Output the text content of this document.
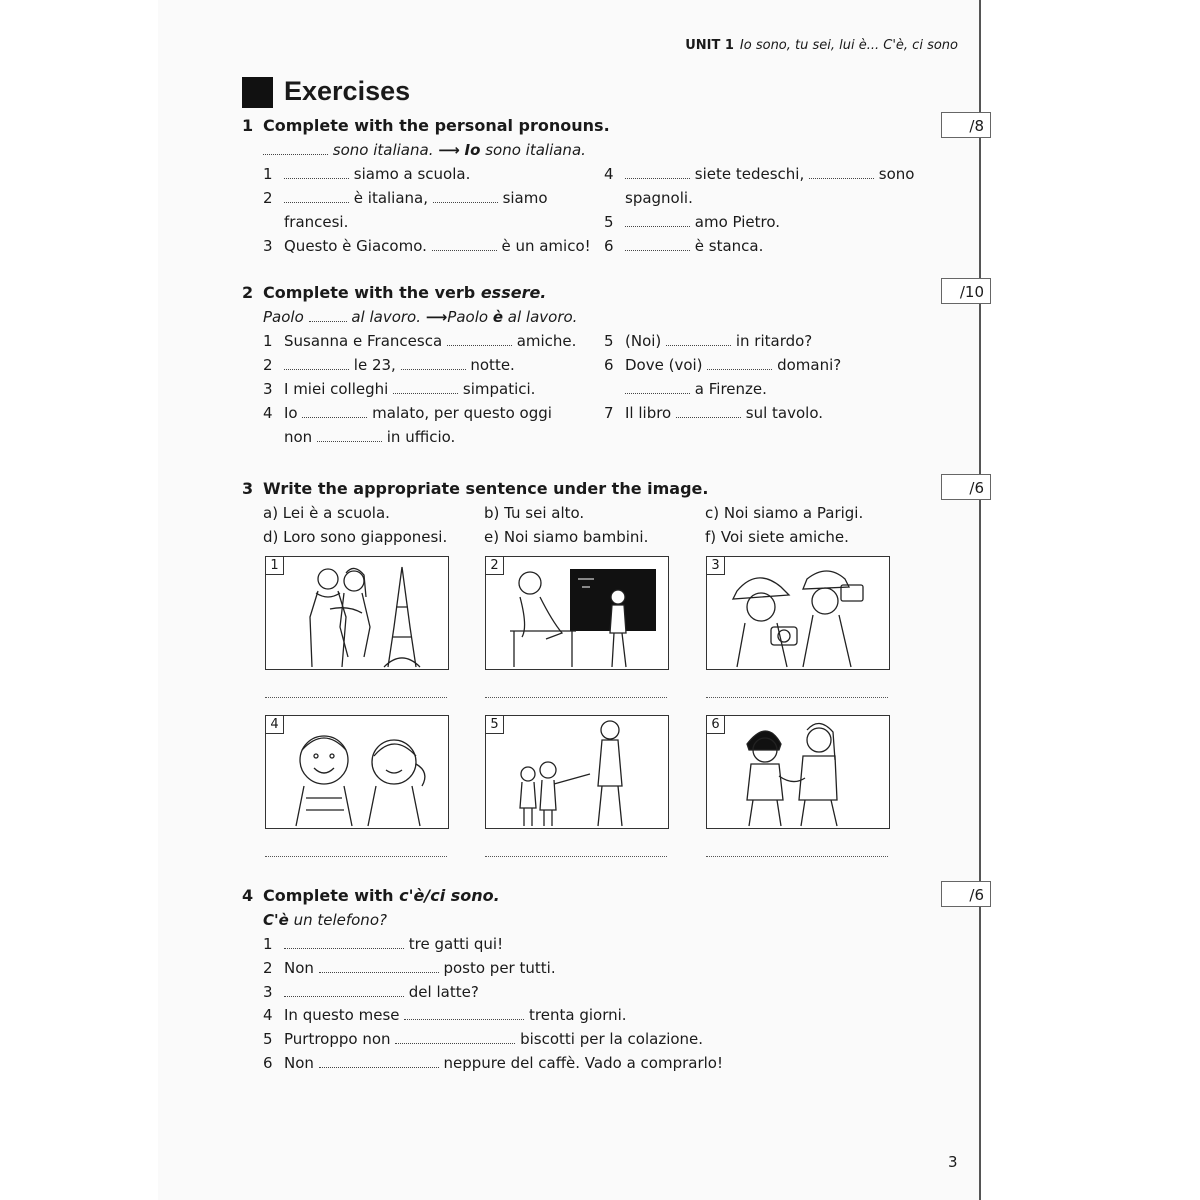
UNIT 1 Io sono, tu sei, lui è... C'è, ci sono
Exercises
1 Complete with the personal pronouns.	/8
sono italiana. ⟶ Io sono italiana.
1	siamo a scuola.
2	è italiana,	siamo
francesi.
3 Questo è Giacomo.	è un amico!
4	siete tedeschi,	sono
spagnoli.
5	amo Pietro.
6	è stanca.
2 Complete with the verb essere.	/10
Paolo	al lavoro. ⟶Paolo è al lavoro.
1 Susanna e Francesca	amiche.
2	le 23,	notte.
3 I miei colleghi	simpatici.
4 Io	malato, per questo oggi
non	in ufficio.
5 (Noi)	in ritardo?
6 Dove (voi)	domani?
a Firenze.
7 Il libro	sul tavolo.
3 Write the appropriate sentence under the image.	/6
a) Lei è a scuola.	b) Tu sei alto.	c) Noi siamo a Parigi.
d) Loro sono giapponesi. e) Noi siamo bambini.	f) Voi siete amiche.
1	2	3
4	5	6
4 Complete with c'è/ci sono.	/6
C'è un telefono?
1	tre gatti qui!
2 Non	posto per tutti.
3	del latte?
4 In questo mese	trenta giorni.
5 Purtroppo non	biscotti per la colazione.
6 Non	neppure del caffè. Vado a comprarlo!
3
